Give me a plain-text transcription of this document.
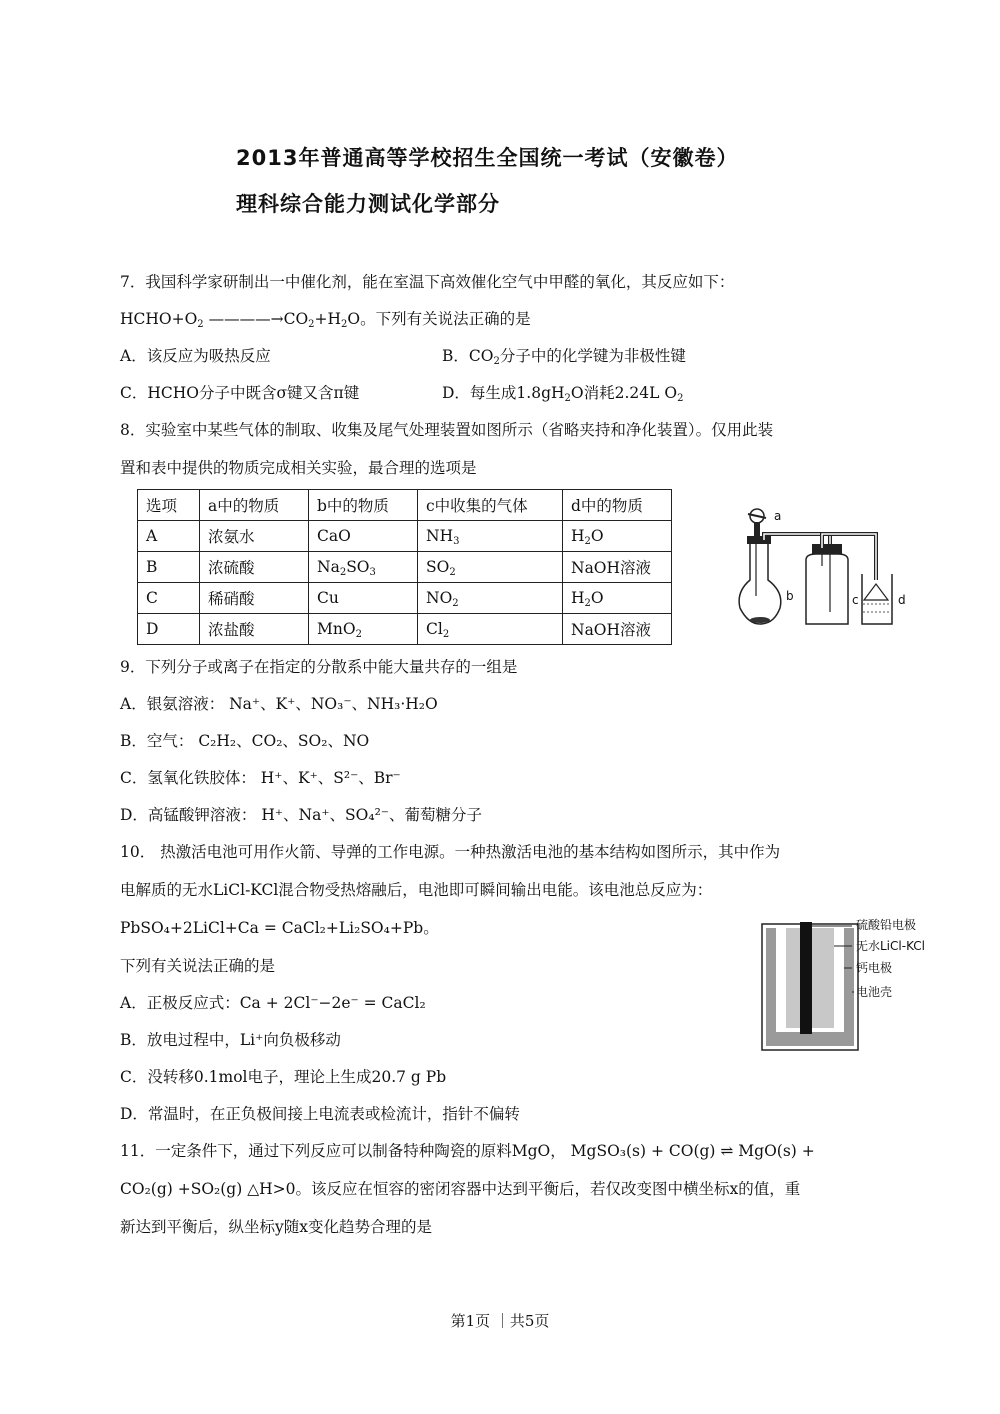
2013年普通高等学校招生全国统一考试（安徽卷）
理科综合能力测试化学部分
7．我国科学家研制出一中催化剂，能在室温下高效催化空气中甲醛的氧化，其反应如下：
$HCHO+O_2$ $————\to CO_2+H_2O$。下列有关说法正确的是
A．该反应为吸热反应	B．$CO_2$分子中的化学键为非极性键
C．HCHO分子中既含σ键又含π键	D．每生成$1.8gH_2O$消耗2.24L $O_2$
8．实验室中某些气体的制取、收集及尾气处理装置如图所示（省略夹持和净化装置）。仅用此装
置和表中提供的物质完成相关实验，最合理的选项是
选项	a中的物质	b中的物质	c中收集的气体	d中的物质
A	浓氨水	CaO	$NH_3$	$H_2O$
B	浓硫酸	$Na_2SO_3$	$SO_2$	NaOH溶液
C	稀硝酸	Cu	$NO_2$	$H_2O$
D	浓盐酸	MnO$_2$	$Cl_2$	NaOH溶液
a
b	c	d
9．下列分子或离子在指定的分散系中能大量共存的一组是
A．银氨溶液： Na⁺、K⁺、NO₃⁻、NH₃·H₂O
B．空气： C₂H₂、CO₂、SO₂、NO
C．氢氧化铁胶体： H⁺、K⁺、S²⁻、Br⁻
D．高锰酸钾溶液： H⁺、Na⁺、SO₄²⁻、葡萄糖分子
10． 热激活电池可用作火箭、导弹的工作电源。一种热激活电池的基本结构如图所示，其中作为
电解质的无水LiCl-KCl混合物受热熔融后，电池即可瞬间输出电能。该电池总反应为：
PbSO₄+2LiCl+Ca = CaCl₂+Li₂SO₄+Pb。
下列有关说法正确的是
A．正极反应式：Ca + 2Cl⁻−2e⁻ = CaCl₂
B．放电过程中，Li⁺向负极移动
C．没转移0.1mol电子，理论上生成20.7 g Pb
D．常温时，在正负极间接上电流表或检流计，指针不偏转
硫酸铅电极
无水LiCl-KCl
钙电极
电池壳
11．一定条件下，通过下列反应可以制备特种陶瓷的原料MgO， MgSO₃(s) + CO(g) ⇌ MgO(s) +
CO₂(g) +SO₂(g) △H>0。该反应在恒容的密闭容器中达到平衡后，若仅改变图中横坐标x的值，重
新达到平衡后，纵坐标y随x变化趋势合理的是
第1页 ｜共5页
